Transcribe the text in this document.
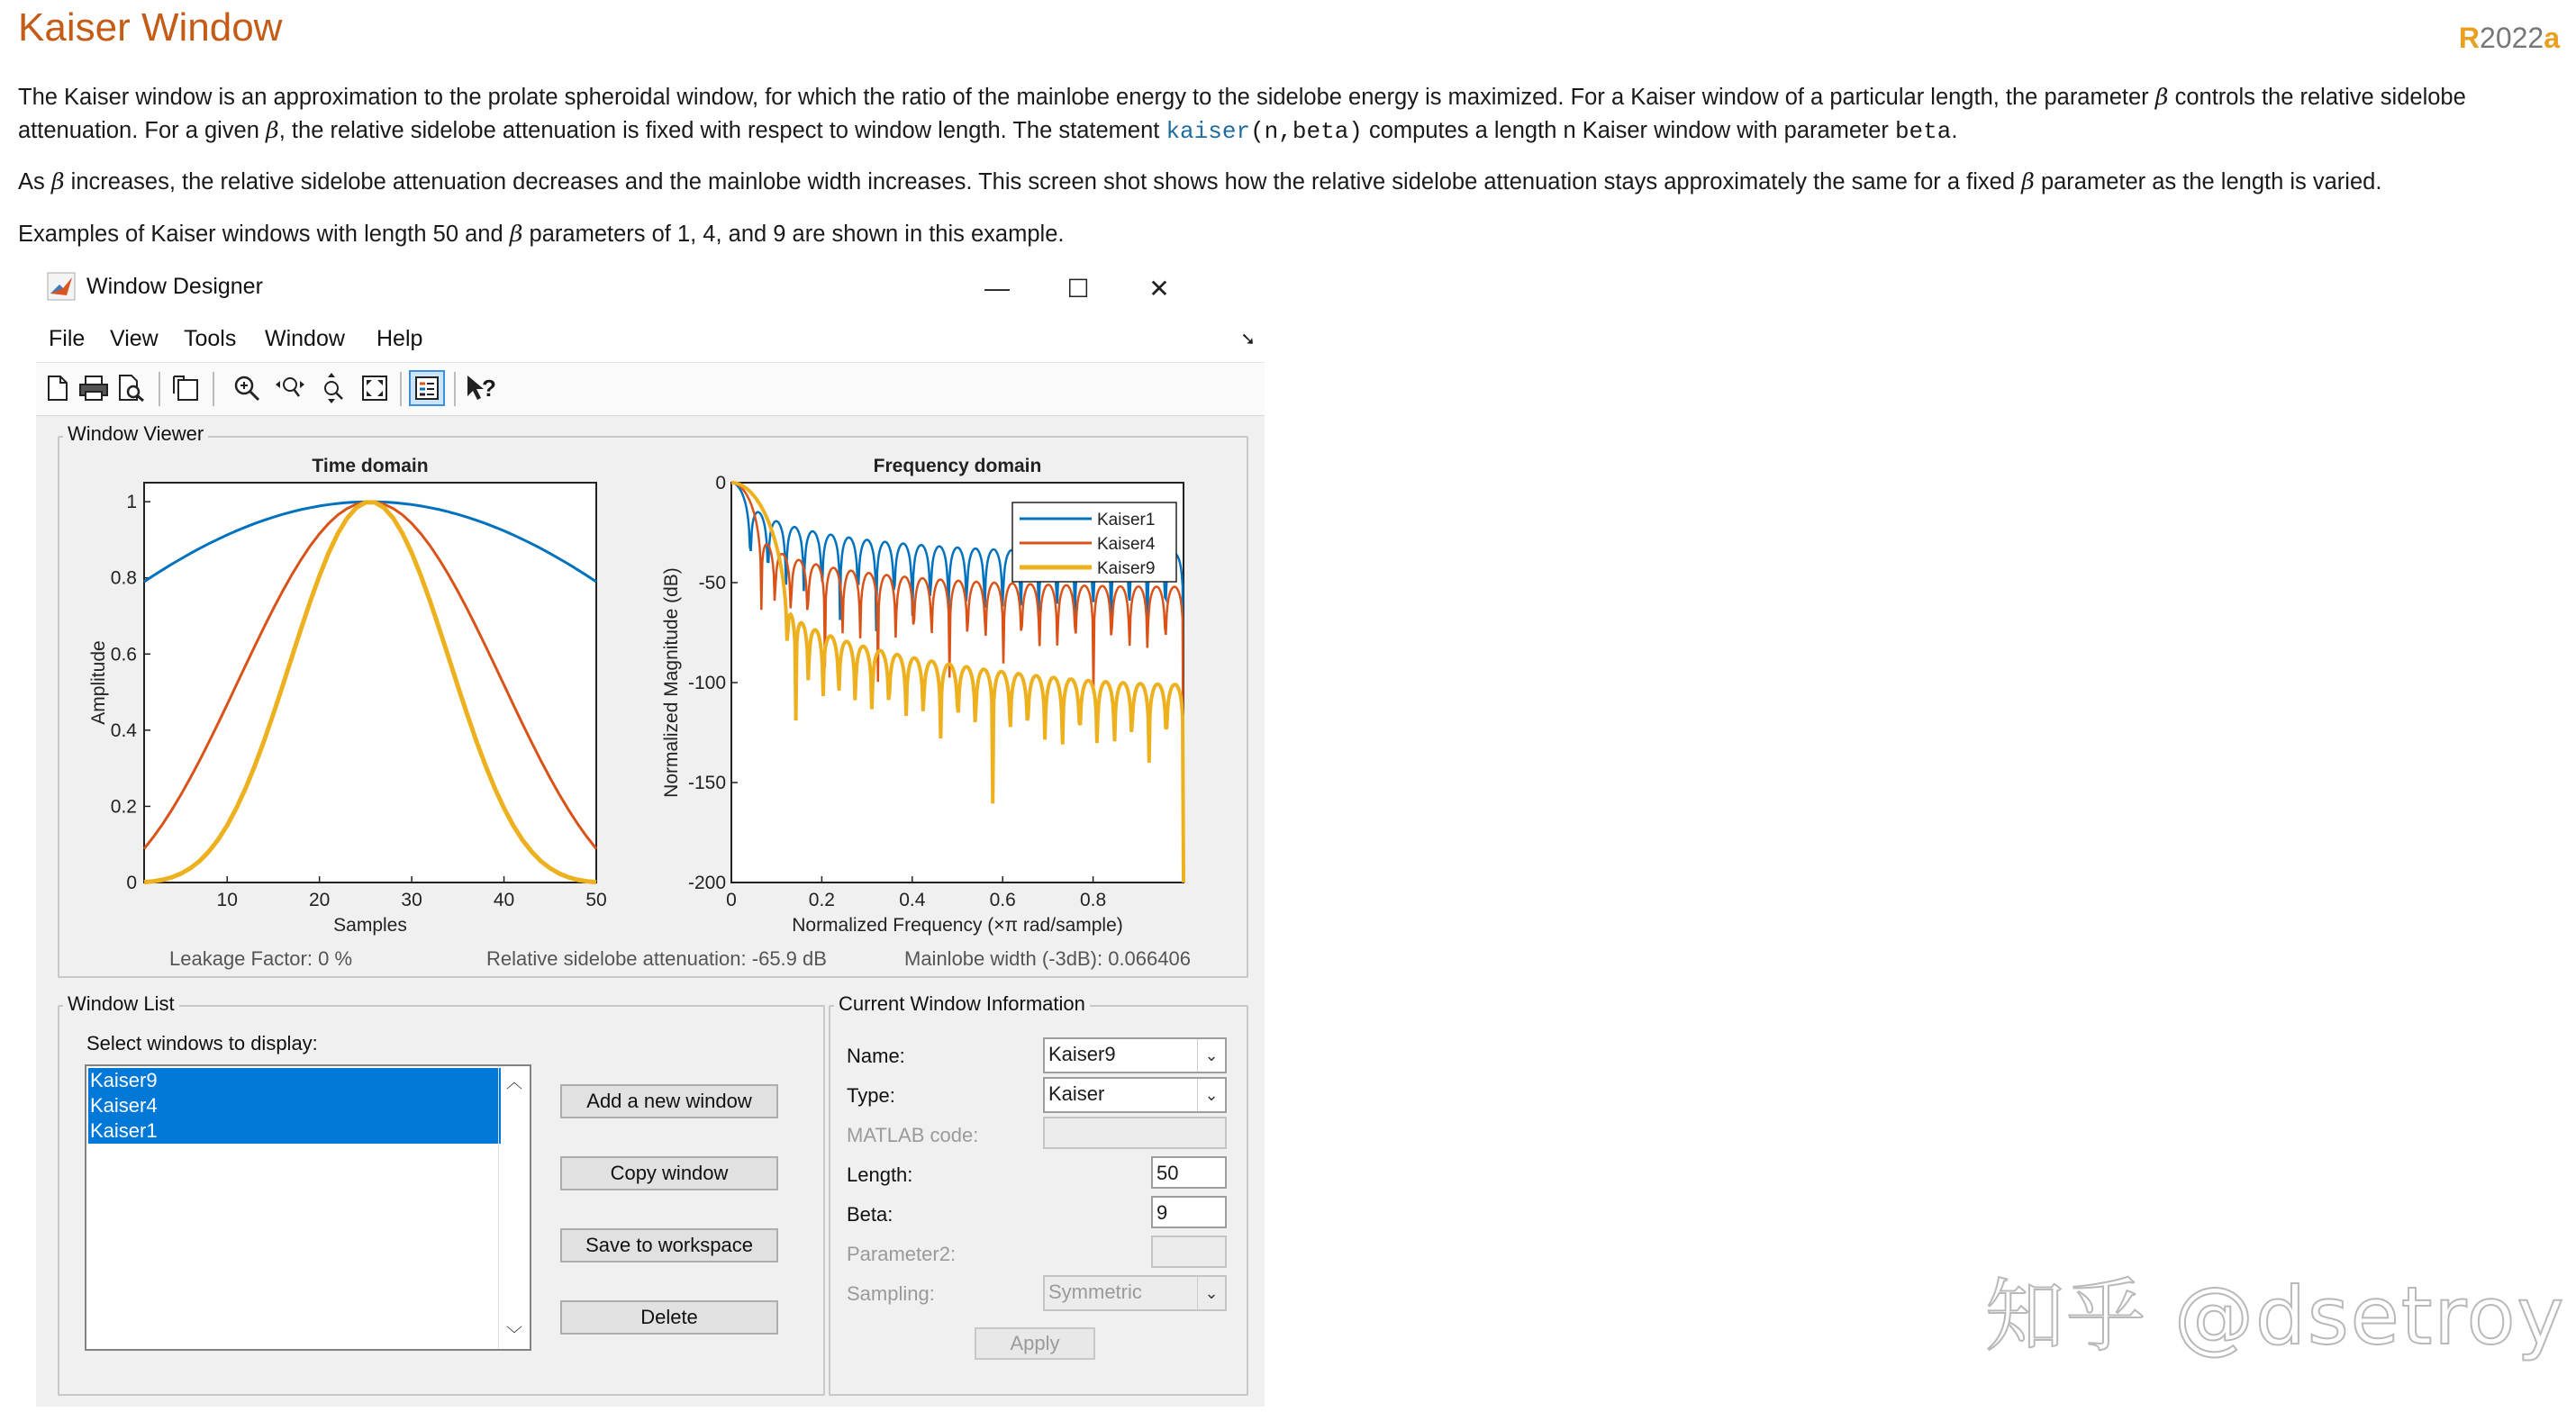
Kaiser Window	R2022a
The Kaiser window is an approximation to the prolate spheroidal window, for which the ratio of the mainlobe energy to the sidelobe energy is maximized. For a Kaiser window of a particular length, the parameter β controls the relative sidelobe attenuation. For a given β, the relative sidelobe attenuation is fixed with respect to window length. The statement kaiser(n,beta) computes a length n Kaiser window with parameter beta.
As β increases, the relative sidelobe attenuation decreases and the mainlobe width increases. This screen shot shows how the relative sidelobe attenuation stays approximately the same for a fixed β parameter as the length is varied.
Examples of Kaiser windows with length 50 and β parameters of 1, 4, and 9 are shown in this example.
Window Designer	—	☐	✕
File View Tools Window Help	➘
?
Window Viewer
Time domain
10	20	30	40	50
0
0.2
0.4
0.6
0.8
1
Samples
Amplitude
Frequency domain
0	0.2	0.4	0.6	0.8
0
-50
-100
-150
-200
Normalized Frequency (×π rad/sample)
Normalized Magnitude (dB)
Kaiser1
Kaiser4
Kaiser9
Leakage Factor: 0 %	Relative sidelobe attenuation: -65.9 dB	Mainlobe width (-3dB): 0.066406
Window List
Select windows to display:
Kaiser9
Kaiser4
Kaiser1
︿
﹀
Add a new window
Copy window
Save to workspace
Delete
Current Window Information
Name:	Kaiser9	⌄
Type:	Kaiser	⌄
MATLAB code:
Length:	50
Beta:	9
Parameter2:
Sampling:	Symmetric	⌄
Apply	知乎 @dsetroy
